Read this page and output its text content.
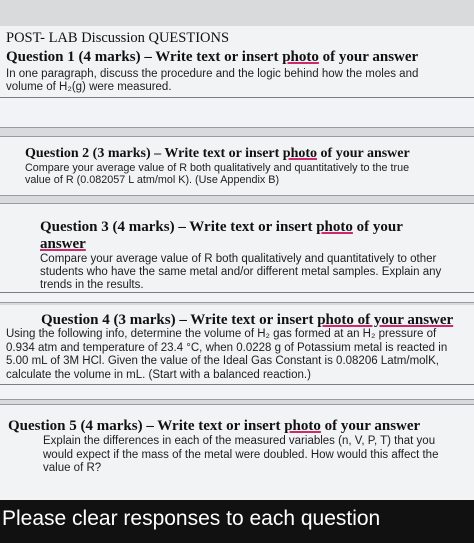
POST- LAB Discussion QUESTIONS
Question 1 (4 marks) – Write text or insert photo of your answer
In one paragraph, discuss the procedure and the logic behind how the moles and
volume of H₂(g) were measured.
Question 2 (3 marks) – Write text or insert photo of your answer
Compare your average value of R both qualitatively and quantitatively to the true
value of R (0.082057 L atm/mol K). (Use Appendix B)
Question 3 (4 marks) – Write text or insert photo of your
answer
Compare your average value of R both qualitatively and quantitatively to other
students who have the same metal and/or different metal samples. Explain any
trends in the results.
Question 4 (3 marks) – Write text or insert photo of your answer
Using the following info, determine the volume of H₂ gas formed at an H₂ pressure of
0.934 atm and temperature of 23.4 °C, when 0.0228 g of Potassium metal is reacted in
5.00 mL of 3M HCl. Given the value of the Ideal Gas Constant is 0.08206 Latm/molK,
calculate the volume in mL. (Start with a balanced reaction.)
Question 5 (4 marks) – Write text or insert photo of your answer
Explain the differences in each of the measured variables (n, V, P, T) that you
would expect if the mass of the metal were doubled. How would this affect the
value of R?
Please clear responses to each question
